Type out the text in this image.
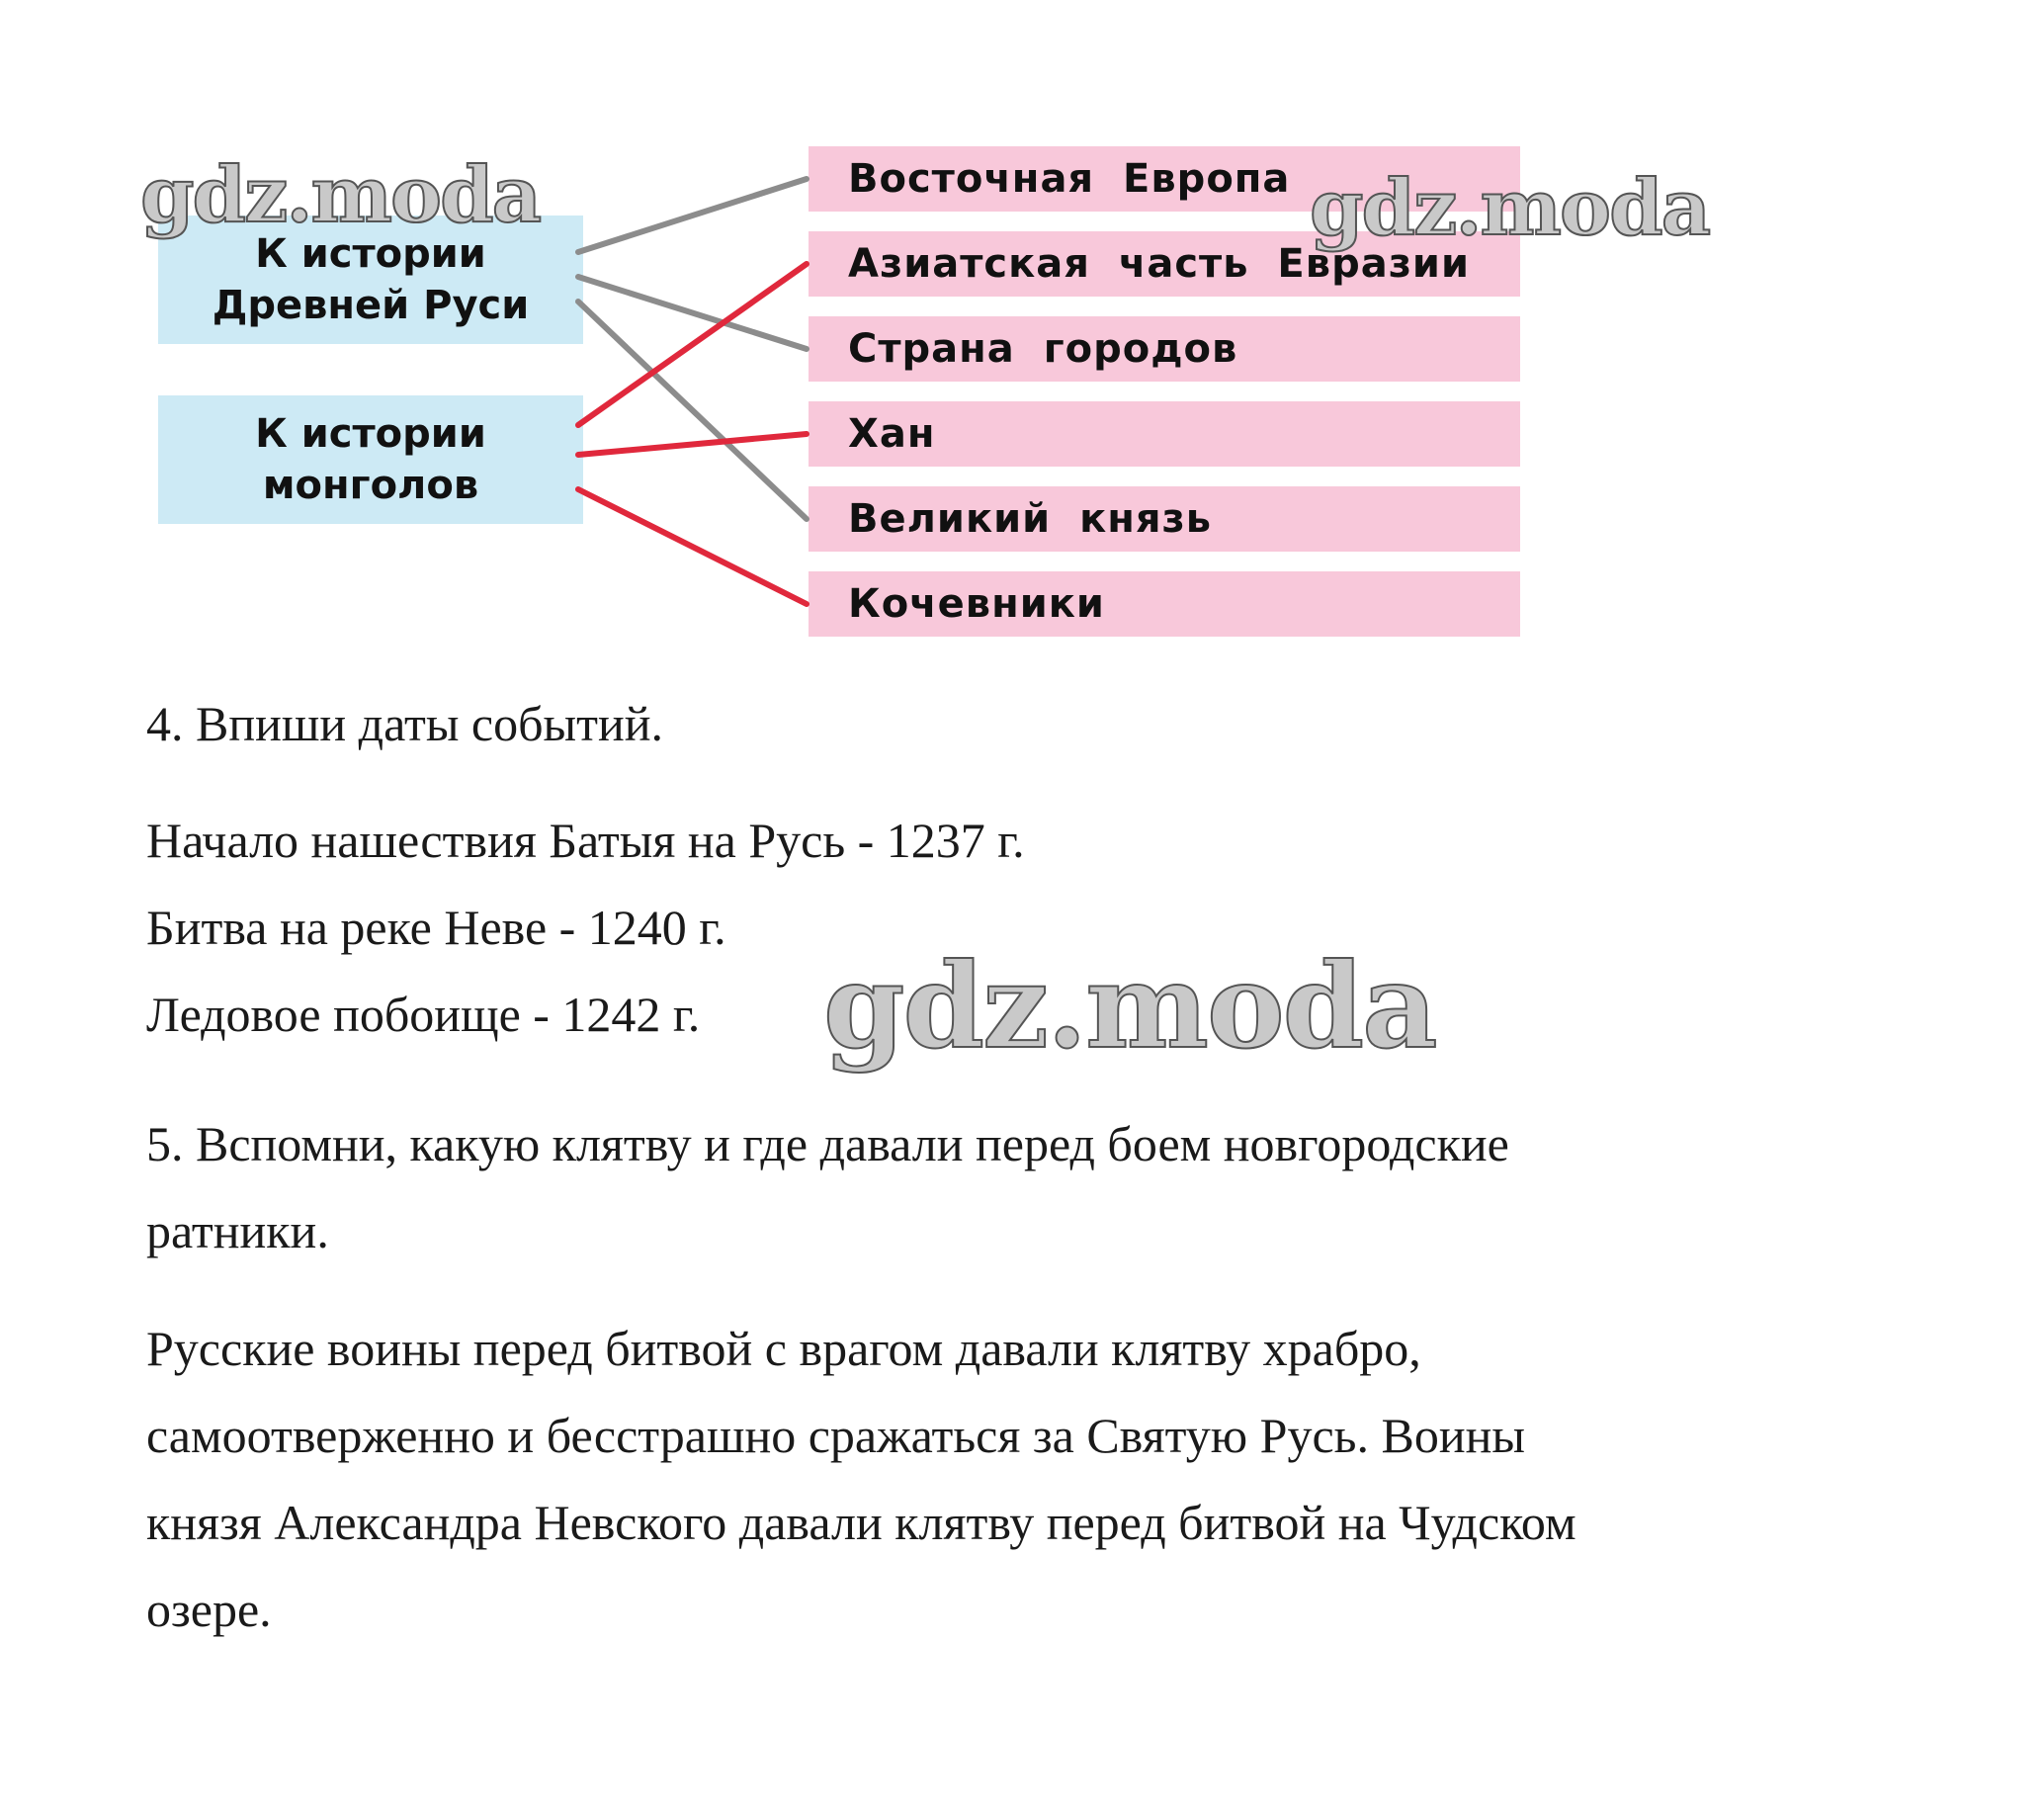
К истории
Древней Руси
К истории
монголов
Восточная Европа
Азиатская часть Евразии
Страна городов
Хан
Великий князь
Кочевники
gdz.moda	gdz.moda
gdz.moda
4. Впиши даты событий.
Начало нашествия Батыя на Русь - 1237 г.
Битва на реке Неве - 1240 г.
Ледовое побоище - 1242 г.
5. Вспомни, какую клятву и где давали перед боем новгородские
ратники.
Русские воины перед битвой с врагом давали клятву храбро,
самоотверженно и бесстрашно сражаться за Святую Русь. Воины
князя Александра Невского давали клятву перед битвой на Чудском
озере.
